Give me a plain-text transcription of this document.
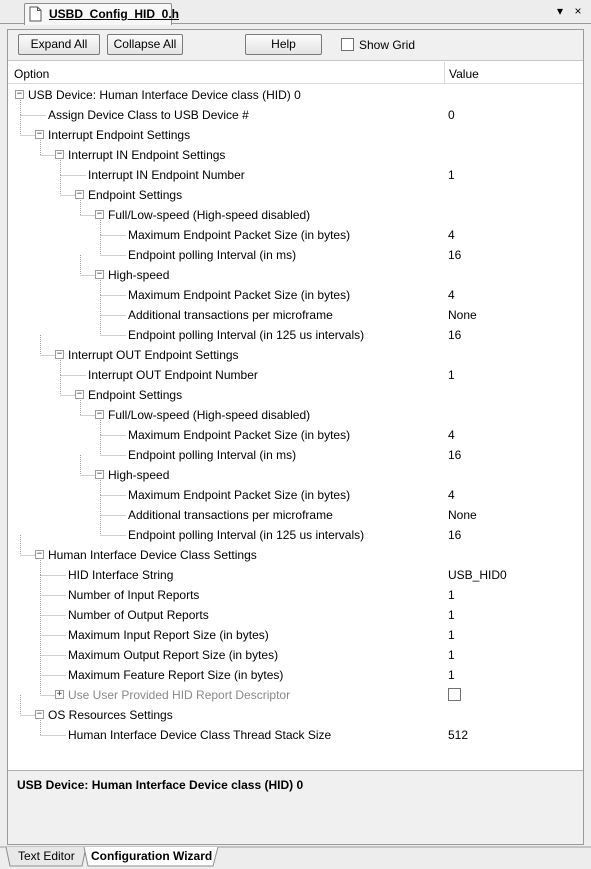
USBD_Config_HID_0.h	▾ ×
Expand All	Collapse All	Help	Show Grid
Option	Value
− USB Device: Human Interface Device class (HID) 0
Assign Device Class to USB Device #	0
− Interrupt Endpoint Settings
− Interrupt IN Endpoint Settings
Interrupt IN Endpoint Number	1
− Endpoint Settings
− Full/Low-speed (High-speed disabled)
Maximum Endpoint Packet Size (in bytes)	4
Endpoint polling Interval (in ms)	16
− High-speed
Maximum Endpoint Packet Size (in bytes)	4
Additional transactions per microframe	None
Endpoint polling Interval (in 125 us intervals)	16
− Interrupt OUT Endpoint Settings
Interrupt OUT Endpoint Number	1
− Endpoint Settings
− Full/Low-speed (High-speed disabled)
Maximum Endpoint Packet Size (in bytes)	4
Endpoint polling Interval (in ms)	16
− High-speed
Maximum Endpoint Packet Size (in bytes)	4
Additional transactions per microframe	None
Endpoint polling Interval (in 125 us intervals)	16
− Human Interface Device Class Settings
HID Interface String	USB_HID0
Number of Input Reports	1
Number of Output Reports	1
Maximum Input Report Size (in bytes)	1
Maximum Output Report Size (in bytes)	1
Maximum Feature Report Size (in bytes)	1
+ Use User Provided HID Report Descriptor
− OS Resources Settings
Human Interface Device Class Thread Stack Size	512
USB Device: Human Interface Device class (HID) 0
Text Editor Configuration Wizard
